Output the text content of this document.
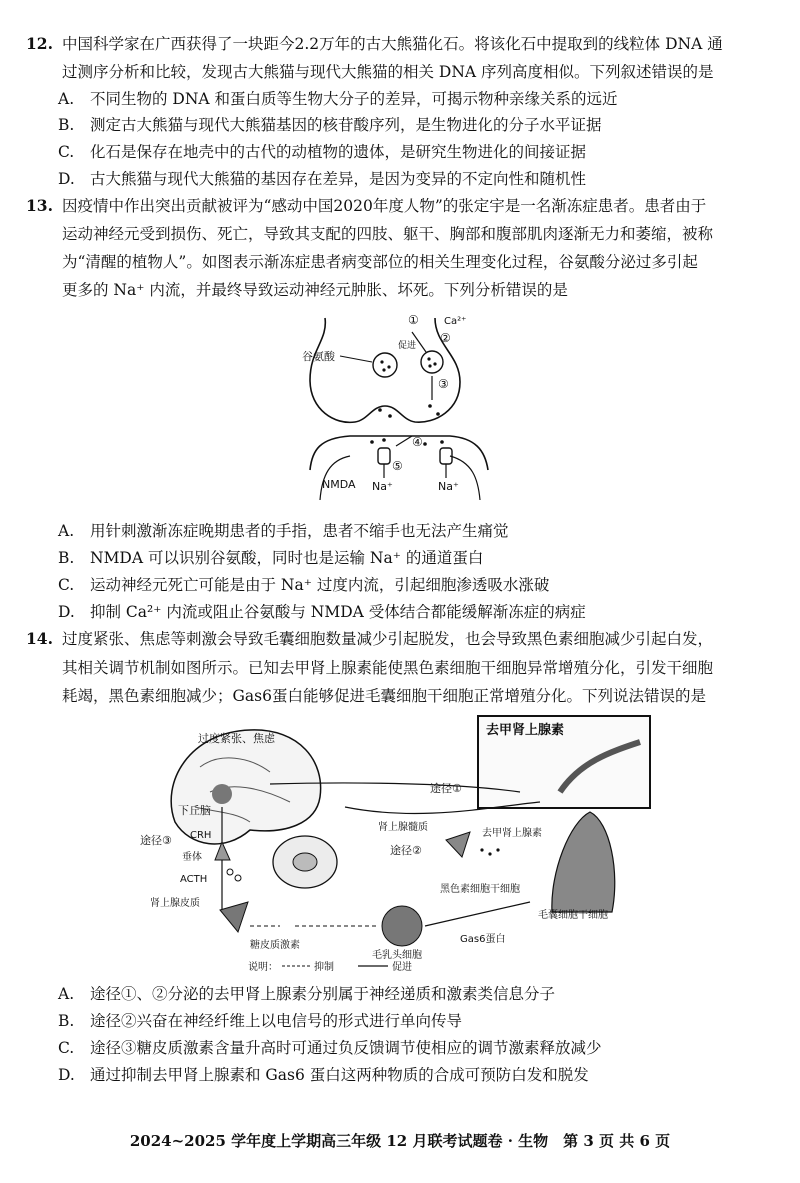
12. 中国科学家在广西获得了一块距今2.2万年的古大熊猫化石。将该化石中提取到的线粒体 DNA 通
过测序分析和比较，发现古大熊猫与现代大熊猫的相关 DNA 序列高度相似。下列叙述错误的是
A. 不同生物的 DNA 和蛋白质等生物大分子的差异，可揭示物种亲缘关系的远近
B. 测定古大熊猫与现代大熊猫基因的核苷酸序列，是生物进化的分子水平证据
C. 化石是保存在地壳中的古代的动植物的遗体，是研究生物进化的间接证据
D. 古大熊猫与现代大熊猫的基因存在差异，是因为变异的不定向性和随机性
13. 因疫情中作出突出贡献被评为“感动中国2020年度人物”的张定宇是一名渐冻症患者。患者由于
运动神经元受到损伤、死亡，导致其支配的四肢、躯干、胸部和腹部肌肉逐渐无力和萎缩，被称
为“清醒的植物人”。如图表示渐冻症患者病变部位的相关生理变化过程，谷氨酸分泌过多引起
更多的 Na⁺ 内流，并最终导致运动神经元肿胀、坏死。下列分析错误的是
谷氨酸
Ca²⁺
促进
①
②
③
④
⑤
NMDA Na⁺	Na⁺
A. 用针刺激渐冻症晚期患者的手指，患者不缩手也无法产生痛觉
B. NMDA 可以识别谷氨酸，同时也是运输 Na⁺ 的通道蛋白
C. 运动神经元死亡可能是由于 Na⁺ 过度内流，引起细胞渗透吸水涨破
D. 抑制 Ca²⁺ 内流或阻止谷氨酸与 NMDA 受体结合都能缓解渐冻症的病症
14. 过度紧张、焦虑等刺激会导致毛囊细胞数量减少引起脱发，也会导致黑色素细胞减少引起白发，
其相关调节机制如图所示。已知去甲肾上腺素能使黑色素细胞干细胞异常增殖分化，引发干细胞
耗竭，黑色素细胞减少；Gas6蛋白能够促进毛囊细胞干细胞正常增殖分化。下列说法错误的是
过度紧张、焦虑
下丘脑
去甲肾上腺素
途径①
途径②
途径③ CRH
垂体
ACTH
肾上腺髓质
去甲肾上腺素
肾上腺皮质
糖皮质激素
毛乳头细胞
Gas6蛋白
黑色素细胞干细胞
毛囊细胞干细胞
说明：	抑制	促进
A. 途径①、②分泌的去甲肾上腺素分别属于神经递质和激素类信息分子
B. 途径②兴奋在神经纤维上以电信号的形式进行单向传导
C. 途径③糖皮质激素含量升高时可通过负反馈调节使相应的调节激素释放减少
D. 通过抑制去甲肾上腺素和 Gas6 蛋白这两种物质的合成可预防白发和脱发
2024~2025 学年度上学期高三年级 12 月联考试题卷 · 生物　第 3 页 共 6 页
